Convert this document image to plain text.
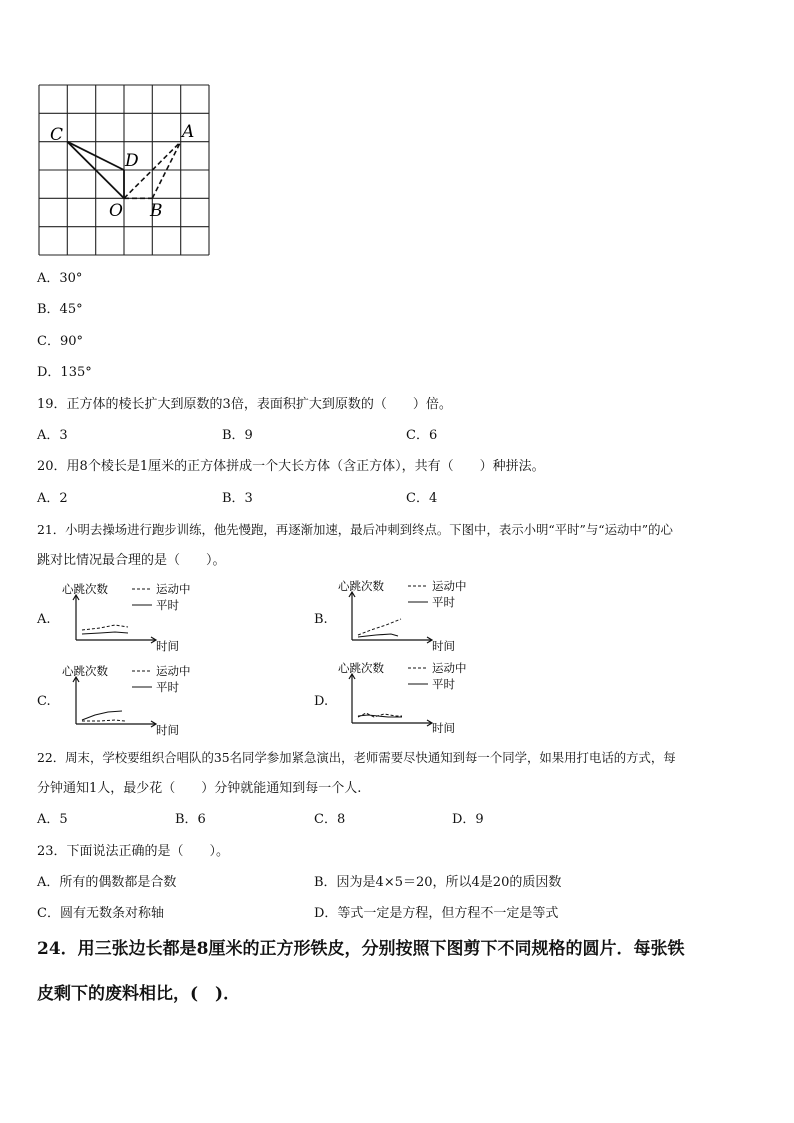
C	A
D
O B
A．30°
B．45°
C．90°
D．135°
19．正方体的棱长扩大到原数的3倍，表面积扩大到原数的（　　）倍。
A．3	B．9	C．6
20．用8个棱长是1厘米的正方体拼成一个大长方体（含正方体），共有（　　）种拼法。
A．2	B．3	C．4
21．小明去操场进行跑步训练，他先慢跑，再逐渐加速，最后冲刺到终点。下图中，表示小明“平时”与“运动中”的心
跳对比情况最合理的是（　　）。
A.
心跳次数	运动中
平时
时间
B.
心跳次数	运动中
平时
时间
C.
心跳次数	运动中
平时
时间
D.
心跳次数	运动中
平时
时间
22．周末，学校要组织合唱队的35名同学参加紧急演出，老师需要尽快通知到每一个同学，如果用打电话的方式，每
分钟通知1人，最少花（　　）分钟就能通知到每一个人.
A．5	B．6	C．8	D．9
23．下面说法正确的是（　　）。
A．所有的偶数都是合数	B．因为是4×5＝20，所以4是20的质因数
C．圆有无数条对称轴	D．等式一定是方程，但方程不一定是等式
24．用三张边长都是8厘米的正方形铁皮，分别按照下图剪下不同规格的圆片．每张铁
皮剩下的废料相比，(　)．
